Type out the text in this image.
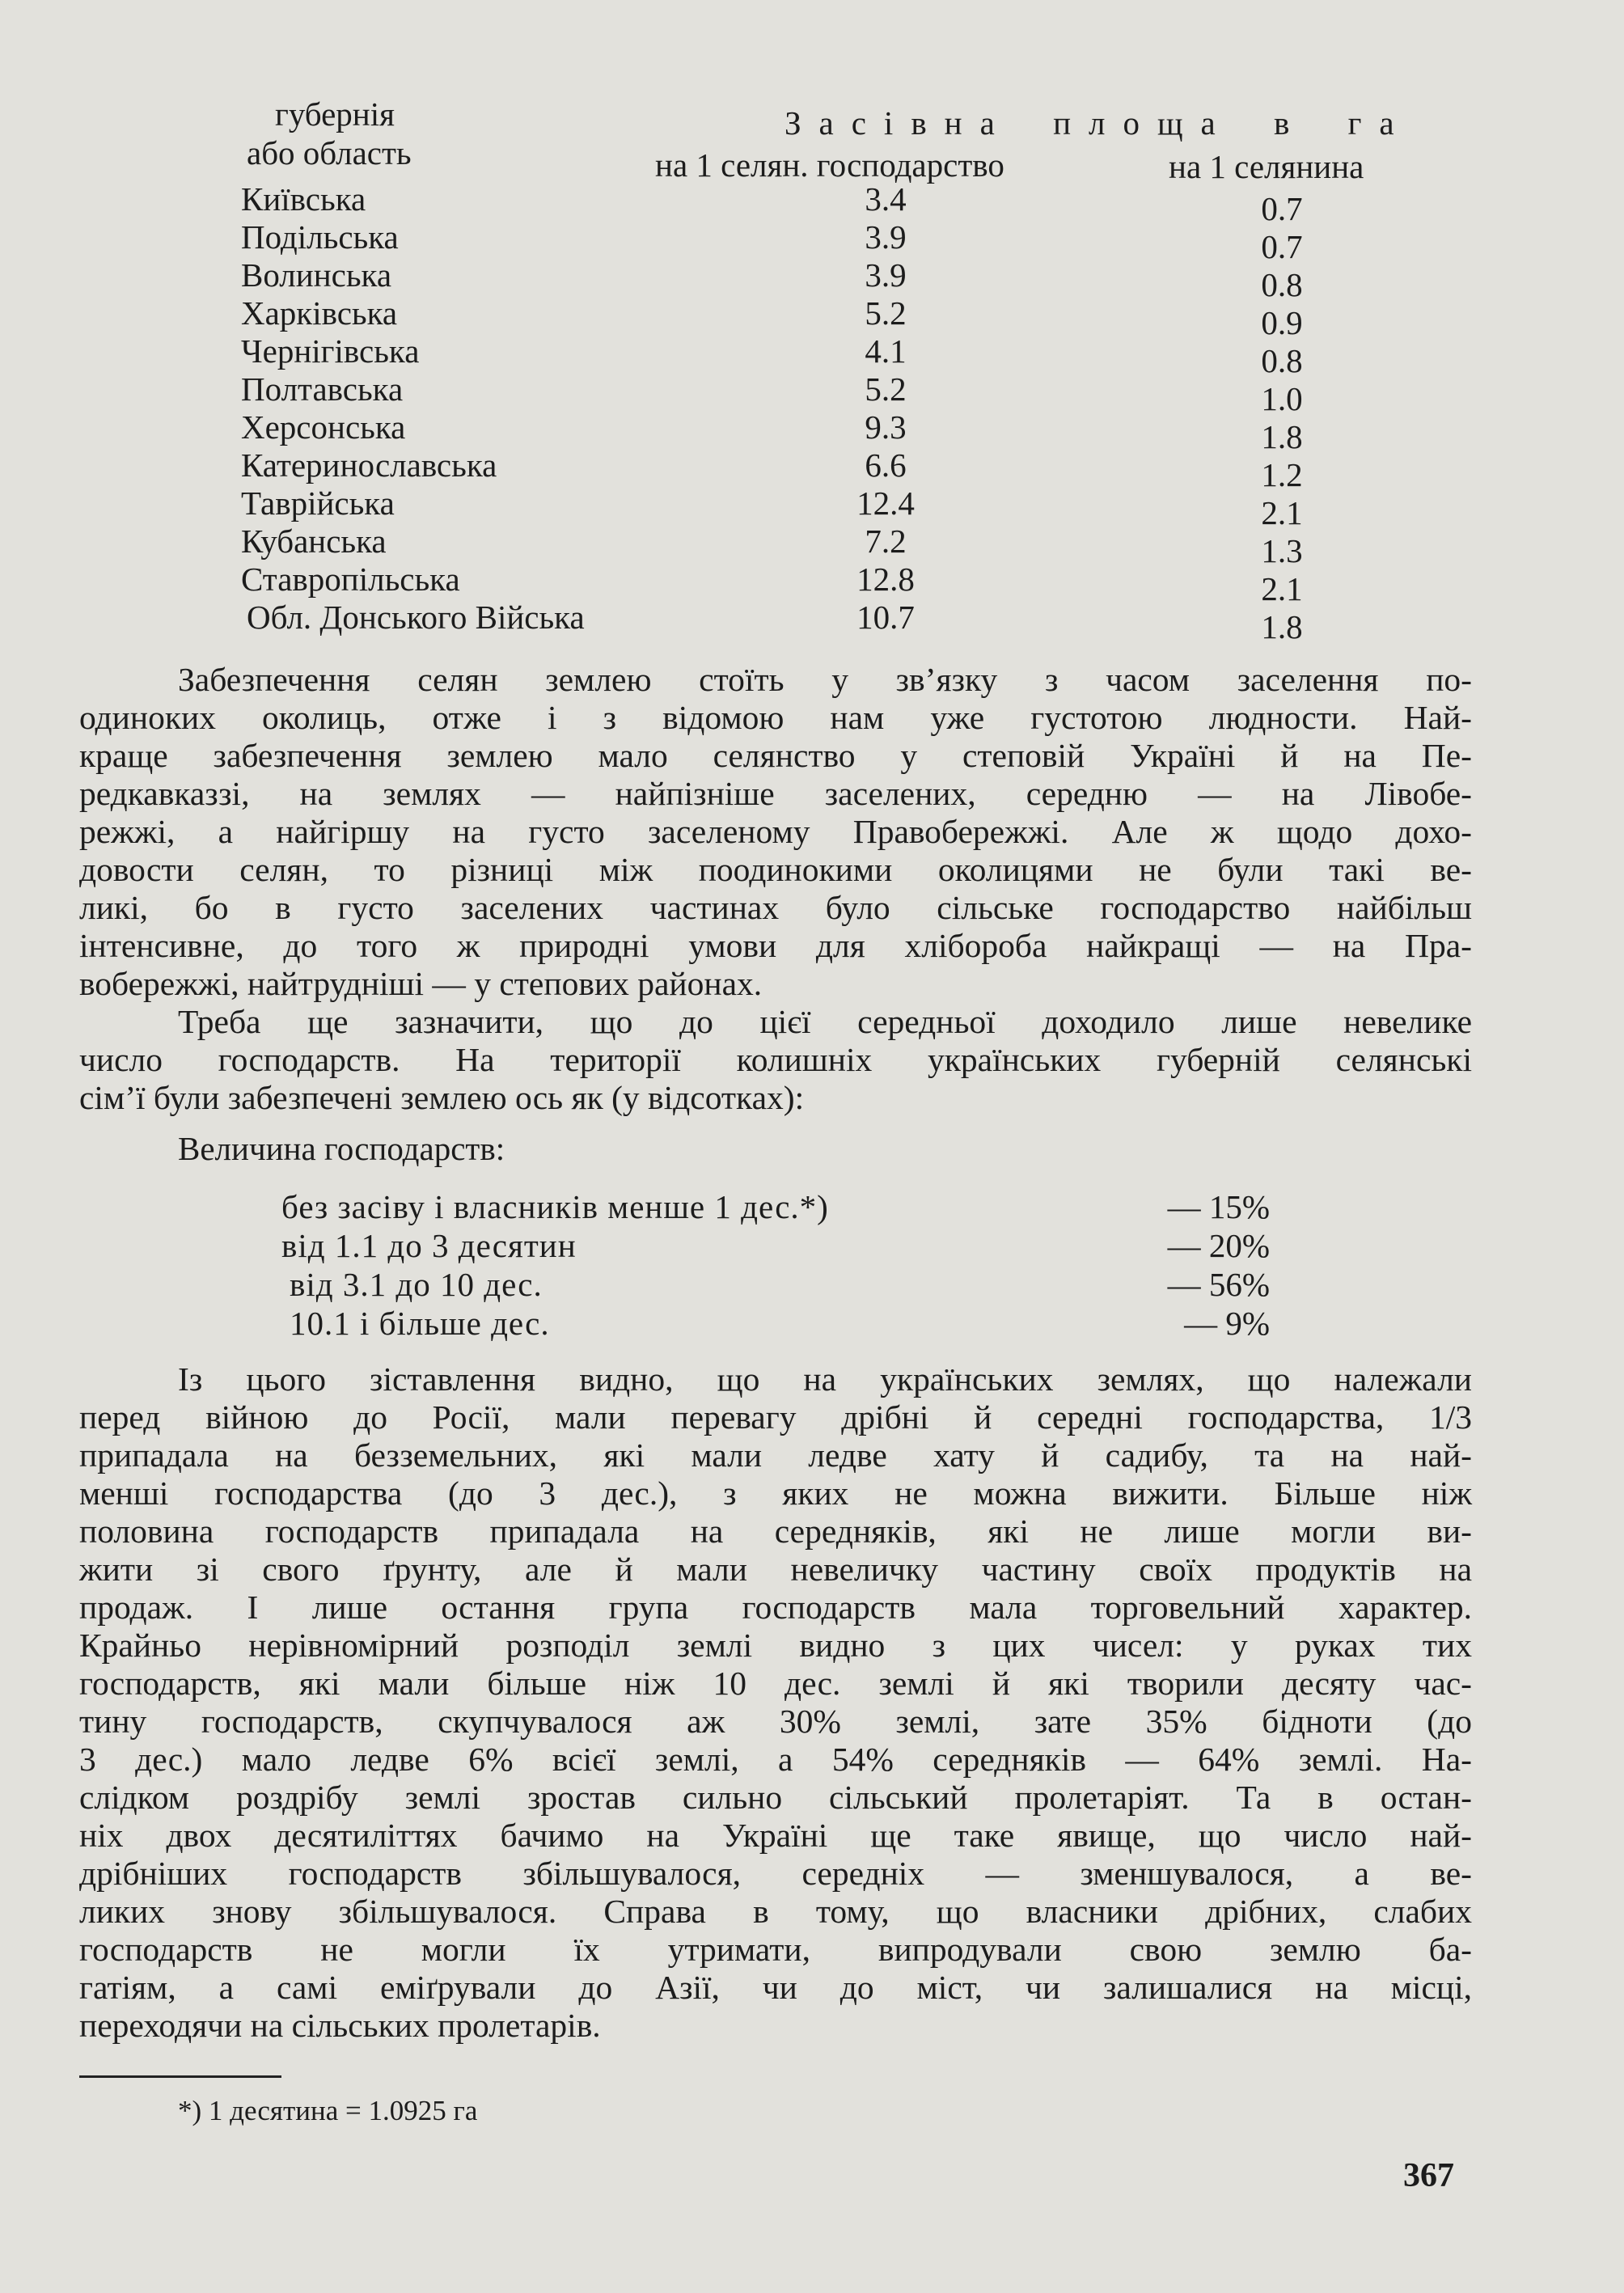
губернія
або область
Засівна площа в га
на 1 селян. господарство	на 1 селянина
Київська	3.4	0.7
Подільська	3.9	0.7
Волинська	3.9	0.8
Харківська	5.2	0.9
Чернігівська	4.1	0.8
Полтавська	5.2	1.0
Херсонська	9.3	1.8
Катеринославська	6.6	1.2
Таврійська	12.4	2.1
Кубанська	7.2	1.3
Ставропільська	12.8	2.1
Обл. Донського Війська	10.7	1.8
Забезпечення селян землею стоїть у зв’язку з часом заселення по-
одиноких околиць, отже і з відомою нам уже густотою людности. Най-
краще забезпечення землею мало селянство у степовій Україні й на Пе-
редкавказзі, на землях — найпізніше заселених, середню — на Лівобе-
режжі, а найгіршу на густо заселеному Правобережжі. Але ж щодо дохо-
довости селян, то різниці між поодинокими околицями не були такі ве-
ликі, бо в густо заселених частинах було сільське господарство найбільш
інтенсивне, до того ж природні умови для хлібороба найкращі — на Пра-
вобережжі, найтрудніші — у степових районах.
Треба ще зазначити, що до цієї середньої доходило лише невелике
число господарств. На території колишніх українських губерній селянські
сім’ї були забезпечені землею ось як (у відсотках):
Величина господарств:
без засіву і власників менше 1 дес.*)	— 15%
від 1.1 до 3 десятин	— 20%
від 3.1 до 10 дес.	— 56%
10.1 і більше дес.	— 9%
Із цього зіставлення видно, що на українських землях, що належали
перед війною до Росії, мали перевагу дрібні й середні господарства, 1/3
припадала на безземельних, які мали ледве хату й садибу, та на най-
менші господарства (до 3 дес.), з яких не можна вижити. Більше ніж
половина господарств припадала на середняків, які не лише могли ви-
жити зі свого ґрунту, але й мали невеличку частину своїх продуктів на
продаж. І лише остання група господарств мала торговельний характер.
Крайньо нерівномірний розподіл землі видно з цих чисел: у руках тих
господарств, які мали більше ніж 10 дес. землі й які творили десяту час-
тину господарств, скупчувалося аж 30% землі, зате 35% бідноти (до
3 дес.) мало ледве 6% всієї землі, а 54% середняків — 64% землі. На-
слідком роздрібу землі зростав сильно сільський пролетаріят. Та в остан-
ніх двох десятиліттях бачимо на Україні ще таке явище, що число най-
дрібніших господарств збільшувалося, середніх — зменшувалося, а ве-
ликих знову збільшувалося. Справа в тому, що власники дрібних, слабих
господарств не могли їх утримати, випродували свою землю ба-
гатіям, а самі еміґрували до Азії, чи до міст, чи залишалися на місці,
переходячи на сільських пролетарів.
*) 1 десятина = 1.0925 га
367
